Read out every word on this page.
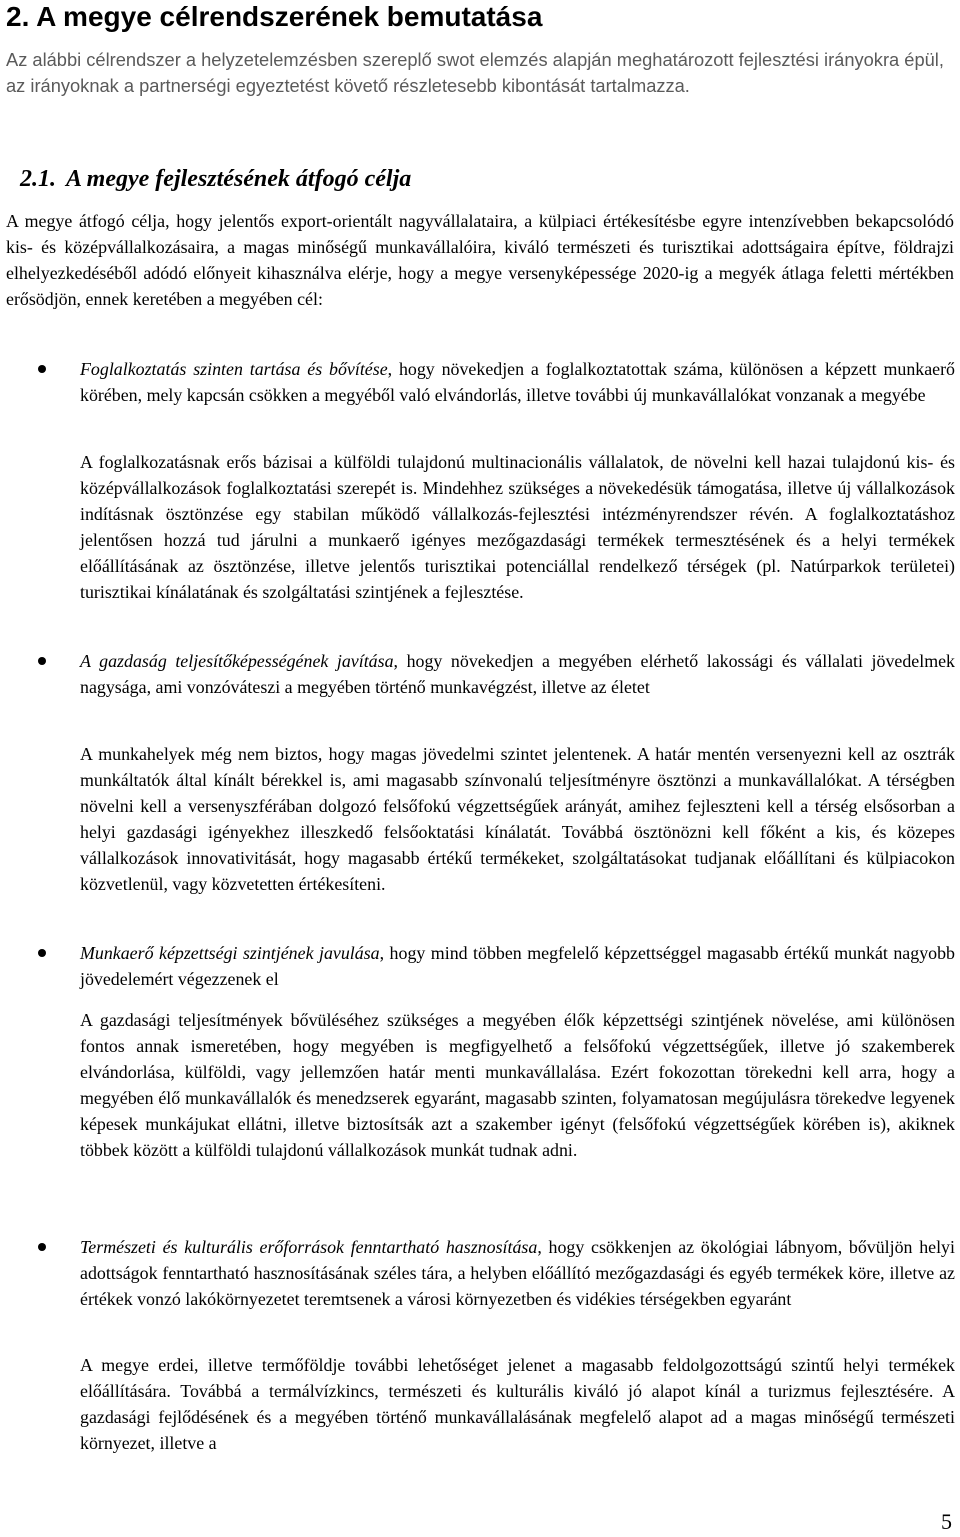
2. A megye célrendszerének bemutatása

Az alábbi célrendszer a helyzetelemzésben szereplő swot elemzés alapján meghatározott fejlesztési irányokra épül, az irányoknak a partnerségi egyeztetést követő részletesebb kibontását tartalmazza.

2.1. A megye fejlesztésének átfogó célja

A megye átfogó célja, hogy jelentős export-orientált nagyvállalataira, a külpiaci értékesítésbe egyre intenzívebben bekapcsolódó kis- és középvállalkozásaira, a magas minőségű munkavállalóira, kiváló természeti és turisztikai adottságaira építve, földrajzi elhelyezkedéséből adódó előnyeit kihasználva elérje, hogy a megye versenyképessége 2020-ig a megyék átlaga feletti mértékben erősödjön, ennek keretében a megyében cél:

Foglalkoztatás szinten tartása és bővítése, hogy növekedjen a foglalkoztatottak száma, különösen a képzett munkaerő körében, mely kapcsán csökken a megyéből való elvándorlás, illetve további új munkavállalókat vonzanak a megyébe

A foglalkozatásnak erős bázisai a külföldi tulajdonú multinacionális vállalatok, de növelni kell hazai tulajdonú kis- és középvállalkozások foglalkoztatási szerepét is. Mindehhez szükséges a növekedésük támogatása, illetve új vállalkozások indításnak ösztönzése egy stabilan működő vállalkozás-fejlesztési intézményrendszer révén. A foglalkoztatáshoz jelentősen hozzá tud járulni a munkaerő igényes mezőgazdasági termékek termesztésének és a helyi termékek előállításának az ösztönzése, illetve jelentős turisztikai potenciállal rendelkező térségek (pl. Natúrparkok területei) turisztikai kínálatának és szolgáltatási szintjének a fejlesztése.

A gazdaság teljesítőképességének javítása, hogy növekedjen a megyében elérhető lakossági és vállalati jövedelmek nagysága, ami vonzóváteszi a megyében történő munkavégzést, illetve az életet

A munkahelyek még nem biztos, hogy magas jövedelmi szintet jelentenek. A határ mentén versenyezni kell az osztrák munkáltatók által kínált bérekkel is, ami magasabb színvonalú teljesítményre ösztönzi a munkavállalókat. A térségben növelni kell a versenyszférában dolgozó felsőfokú végzettségűek arányát, amihez fejleszteni kell a térség elsősorban a helyi gazdasági igényekhez illeszkedő felsőoktatási kínálatát. Továbbá ösztönözni kell főként a kis, és közepes vállalkozások innovativitását, hogy magasabb értékű termékeket, szolgáltatásokat tudjanak előállítani és külpiacokon közvetlenül, vagy közvetetten értékesíteni.

Munkaerő képzettségi szintjének javulása, hogy mind többen megfelelő képzettséggel magasabb értékű munkát nagyobb jövedelemért végezzenek el

A gazdasági teljesítmények bővüléséhez szükséges a megyében élők képzettségi szintjének növelése, ami különösen fontos annak ismeretében, hogy megyében is megfigyelhető a felsőfokú végzettségűek, illetve jó szakemberek elvándorlása, külföldi, vagy jellemzően határ menti munkavállalása. Ezért fokozottan törekedni kell arra, hogy a megyében élő munkavállalók és menedzserek egyaránt, magasabb szinten, folyamatosan megújulásra törekedve legyenek képesek munkájukat ellátni, illetve biztosítsák azt a szakember igényt (felsőfokú végzettségűek körében is), akiknek többek között a külföldi tulajdonú vállalkozások munkát tudnak adni.

Természeti és kulturális erőforrások fenntartható hasznosítása, hogy csökkenjen az ökológiai lábnyom, bővüljön helyi adottságok fenntartható hasznosításának széles tára, a helyben előállító mezőgazdasági és egyéb termékek köre, illetve az értékek vonzó lakókörnyezetet teremtsenek a városi környezetben és vidékies térségekben egyaránt

A megye erdei, illetve termőföldje további lehetőséget jelenet a magasabb feldolgozottságú szintű helyi termékek előállítására. Továbbá a termálvízkincs, természeti és kulturális kiváló jó alapot kínál a turizmus fejlesztésére. A gazdasági fejlődésének és a megyében történő munkavállalásának megfelelő alapot ad a magas minőségű természeti környezet, illetve a

5
